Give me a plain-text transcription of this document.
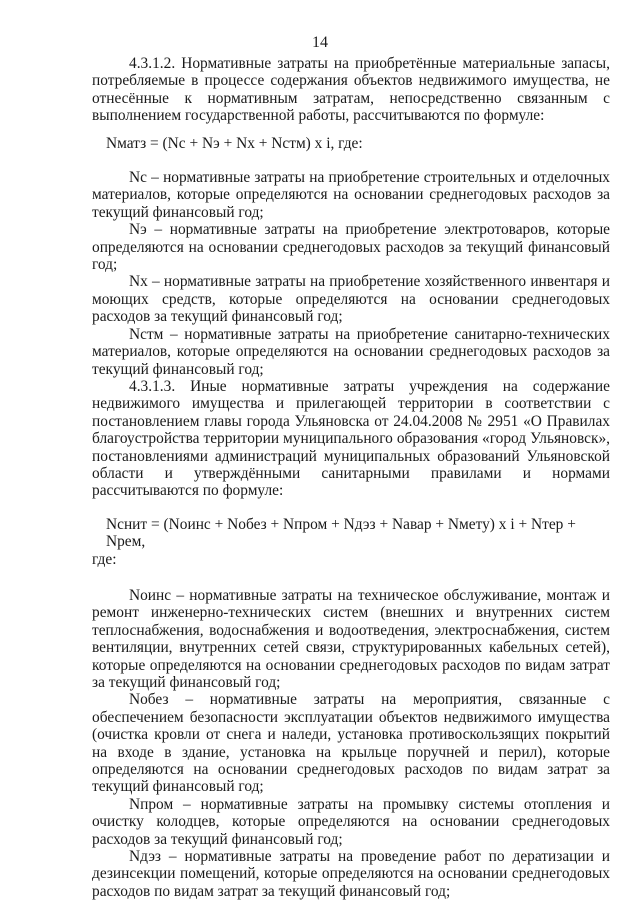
14

4.3.1.2. Нормативные затраты на приобретённые материальные запасы, потребляемые в процессе содержания объектов недвижимого имущества, не отнесённые к нормативным затратам, непосредственно связанным с выполнением государственной работы, рассчитываются по формуле:

Nматз = (Nс + Nэ + Nх + Nстм) x i, где:

Nс – нормативные затраты на приобретение строительных и отделочных материалов, которые определяются на основании среднегодовых расходов за текущий финансовый год;

Nэ – нормативные затраты на приобретение электротоваров, которые определяются на основании среднегодовых расходов за текущий финансовый год;

Nх – нормативные затраты на приобретение хозяйственного инвентаря и моющих средств, которые определяются на основании среднегодовых расходов за текущий финансовый год;

Nстм – нормативные затраты на приобретение санитарно-технических материалов, которые определяются на основании среднегодовых расходов за текущий финансовый год;

4.3.1.3. Иные нормативные затраты учреждения на содержание недвижимого имущества и прилегающей территории в соответствии с постановлением главы города Ульяновска от 24.04.2008 № 2951 «О Правилах благоустройства территории муниципального образования «город Ульяновск», постановлениями администраций муниципальных образований Ульяновской области и утверждёнными санитарными правилами и нормами рассчитываются по формуле:

Nснит = (Nоинс + Nобез + Nпром + Nдэз + Nавар + Nмету) x i + Nтер + Nрем,

где:

Nоинс – нормативные затраты на техническое обслуживание, монтаж и ремонт инженерно-технических систем (внешних и внутренних систем теплоснабжения, водоснабжения и водоотведения, электроснабжения, систем вентиляции, внутренних сетей связи, структурированных кабельных сетей), которые определяются на основании среднегодовых расходов по видам затрат за текущий финансовый год;

Nобез – нормативные затраты на мероприятия, связанные с обеспечением безопасности эксплуатации объектов недвижимого имущества (очистка кровли от снега и наледи, установка противоскользящих покрытий на входе в здание, установка на крыльце поручней и перил), которые определяются на основании среднегодовых расходов по видам затрат за текущий финансовый год;

Nпром – нормативные затраты на промывку системы отопления и очистку колодцев, которые определяются на основании среднегодовых расходов за текущий финансовый год;

Nдэз – нормативные затраты на проведение работ по дератизации и дезинсекции помещений, которые определяются на основании среднегодовых расходов по видам затрат за текущий финансовый год;
